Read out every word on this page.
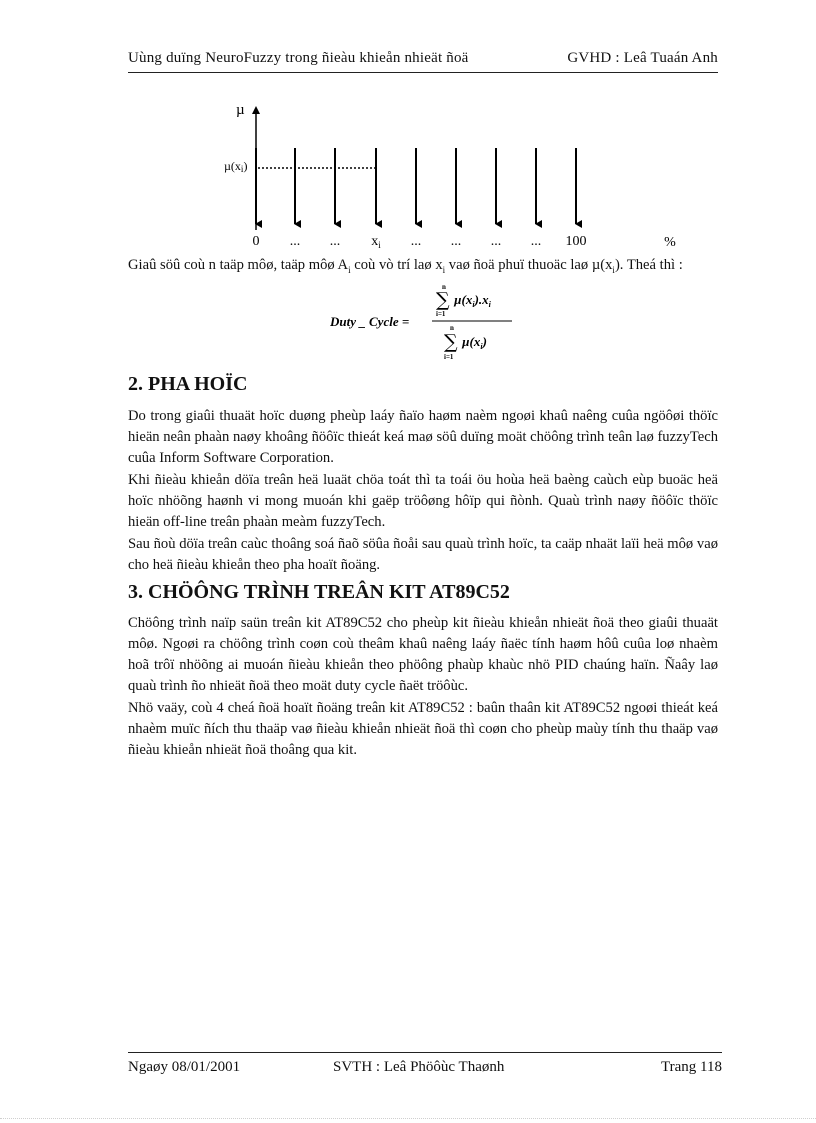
Uùng duïng NeuroFuzzy trong ñieàu khieån nhieät ñoä	GVHD : Leâ Tuaán Anh
µ
µ(xi)
0 ... ... $x_i$ ... ... ... ... 100	%

Giaû söû coù n taäp môø, taäp môø $A_i$ coù vò trí laø $x_i$ vaø ñoä phuï thuoäc laø $\mu(x_i)$. Theá thì :

Duty _ Cycle =
n
∑
i=1
$\mu(x_i).x_i$
n
∑
i=1
$\mu(x_i)$
2. PHA HOÏC

Do trong giaûi thuaät hoïc duøng pheùp laáy ñaïo haøm naèm ngoøi khaû naêng cuûa ngöôøi thöïc hieän neân phaàn naøy khoâng ñöôïc thieát keá maø söû duïng moät chöông trình teân laø fuzzyTech cuûa Inform Software Corporation.

Khi ñieàu khieån döïa treân heä luaät chöa toát thì ta toái öu hoùa heä baèng caùch eùp buoäc heä hoïc nhöõng haønh vi mong muoán khi gaëp tröôøng hôïp qui ñònh. Quaù trình naøy ñöôïc thöïc hieän off-line treân phaàn meàm fuzzyTech.

Sau ñoù döïa treân caùc thoâng soá ñaõ söûa ñoåi sau quaù trình hoïc, ta caäp nhaät laïi heä môø vaø cho heä ñieàu khieån theo pha hoaït ñoäng.

3. CHÖÔNG TRÌNH TREÂN KIT AT89C52

Chöông trình naïp saün treân kit AT89C52 cho pheùp kit ñieàu khieån nhieät ñoä theo giaûi thuaät môø. Ngoøi ra chöông trình coøn coù theâm khaû naêng laáy ñaëc tính haøm hôû cuûa loø nhaèm hoã trôï nhöõng ai muoán ñieàu khieån theo phöông phaùp khaùc nhö PID chaúng haïn. Ñaây laø quaù trình ño nhieät ñoä theo moät duty cycle ñaët tröôùc.

Nhö vaäy, coù 4 cheá ñoä hoaït ñoäng treân kit AT89C52 : baûn thaân kit AT89C52 ngoøi thieát keá nhaèm muïc ñích thu thaäp vaø ñieàu khieån nhieät ñoä thì coøn cho pheùp maùy tính thu thaäp vaø ñieàu khieån nhieät ñoä thoâng qua kit.

Ngaøy 08/01/2001	SVTH : Leâ Phöôùc Thaønh	Trang 118
